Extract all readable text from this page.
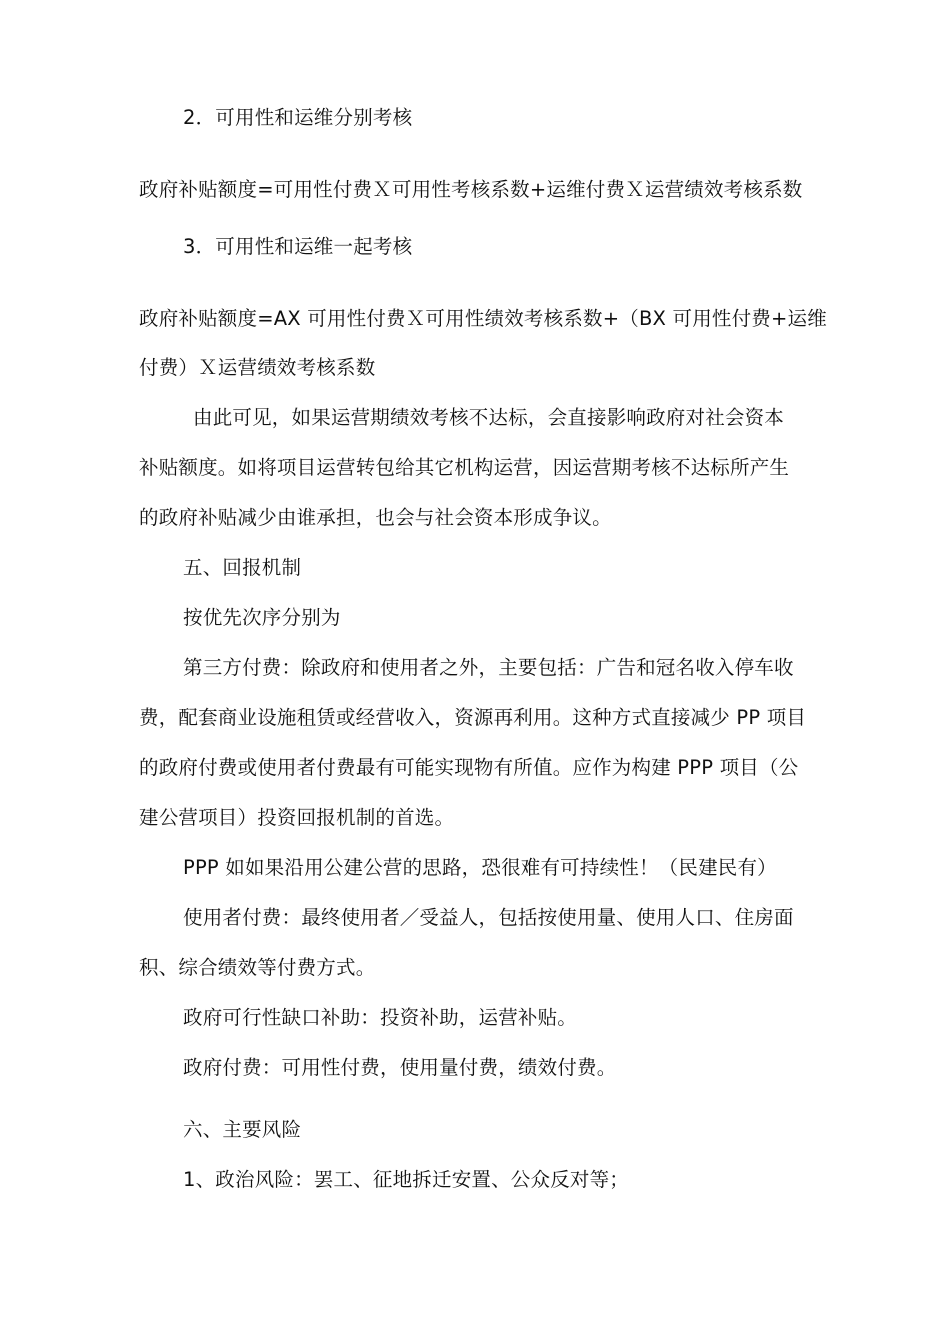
2．可用性和运维分别考核
政府补贴额度=可用性付费Ｘ可用性考核系数+运维付费Ｘ运营绩效考核系数
3．可用性和运维一起考核
政府补贴额度=AX 可用性付费Ｘ可用性绩效考核系数+（BX 可用性付费+运维
付费）Ｘ运营绩效考核系数
由此可见，如果运营期绩效考核不达标，会直接影响政府对社会资本
补贴额度。如将项目运营转包给其它机构运营，因运营期考核不达标所产生
的政府补贴减少由谁承担，也会与社会资本形成争议。
五、回报机制
按优先次序分别为
第三方付费：除政府和使用者之外，主要包括：广告和冠名收入停车收
费，配套商业设施租赁或经营收入，资源再利用。这种方式直接减少 PP 项目
的政府付费或使用者付费最有可能实现物有所值。应作为构建 PPP 项目（公
建公营项目）投资回报机制的首选。
PPP 如如果沿用公建公营的思路，恐很难有可持续性！（民建民有）
使用者付费：最终使用者／受益人，包括按使用量、使用人口、住房面
积、综合绩效等付费方式。
政府可行性缺口补助：投资补助，运营补贴。
政府付费：可用性付费，使用量付费，绩效付费。
六、主要风险
1、政治风险：罢工、征地拆迁安置、公众反对等；
